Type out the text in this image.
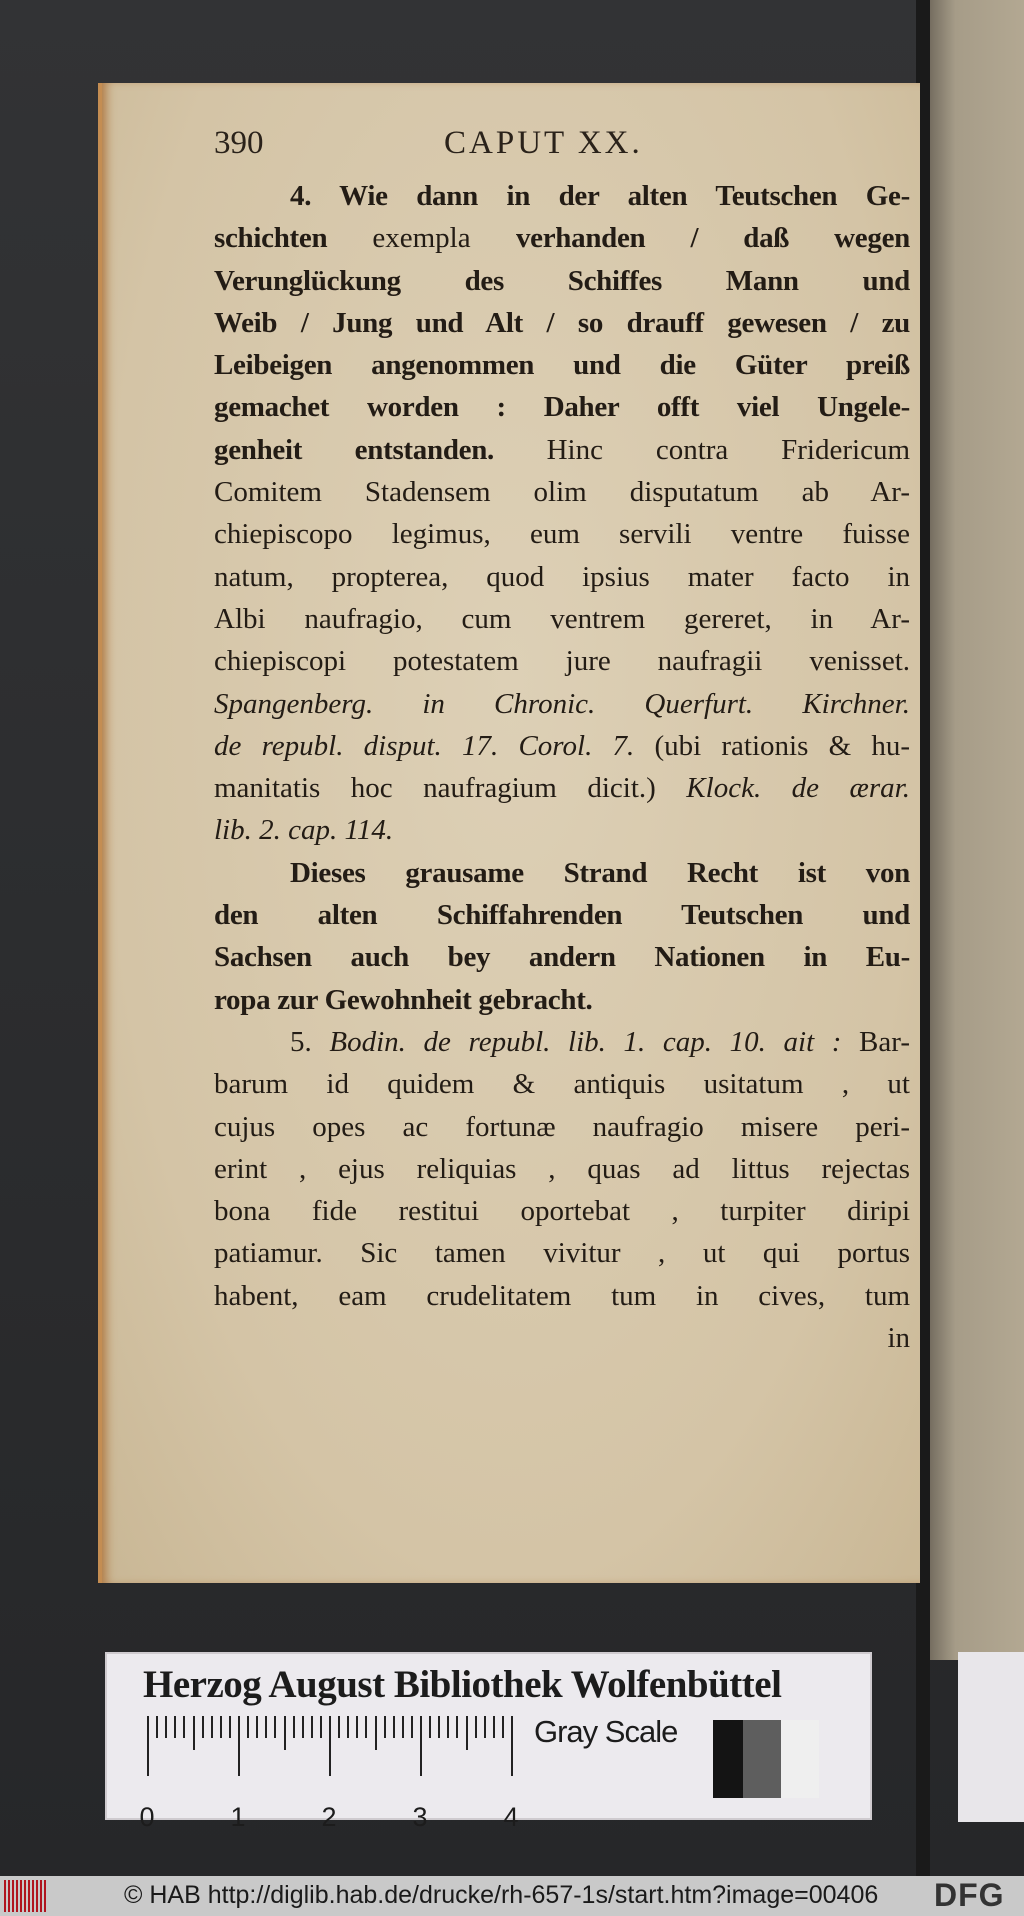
390	CAPUT XX.
4. Wie dann in der alten Teutschen Ge-
schichten exempla verhanden / daß wegen
Verunglückung des Schiffes Mann und
Weib / Jung und Alt / so drauff gewesen / zu
Leibeigen angenommen und die Güter preiß
gemachet worden : Daher offt viel Ungele-
genheit entstanden. Hinc contra Fridericum
Comitem Stadensem olim disputatum ab Ar-
chiepiscopo legimus, eum servili ventre fuisse
natum, propterea, quod ipsius mater facto in
Albi naufragio, cum ventrem gereret, in Ar-
chiepiscopi potestatem jure naufragii venisset.
Spangenberg. in Chronic. Querfurt. Kirchner.
de republ. disput. 17. Corol. 7. (ubi rationis & hu-
manitatis hoc naufragium dicit.) Klock. de ærar.
lib. 2. cap. 114.
Dieses grausame Strand Recht ist von
den alten Schiffahrenden Teutschen und
Sachsen auch bey andern Nationen in Eu-
ropa zur Gewohnheit gebracht.
5. Bodin. de republ. lib. 1. cap. 10. ait : Bar-
barum id quidem & antiquis usitatum , ut
cujus opes ac fortunæ naufragio misere peri-
erint , ejus reliquias , quas ad littus rejectas
bona fide restitui oportebat , turpiter diripi
patiamur. Sic tamen vivitur , ut qui portus
habent, eam crudelitatem tum in cives, tum
in
Herzog August Bibliothek Wolfenbüttel
0	1	2	3	4
Gray Scale
© HAB http://diglib.hab.de/drucke/rh-657-1s/start.htm?image=00406 DFG
